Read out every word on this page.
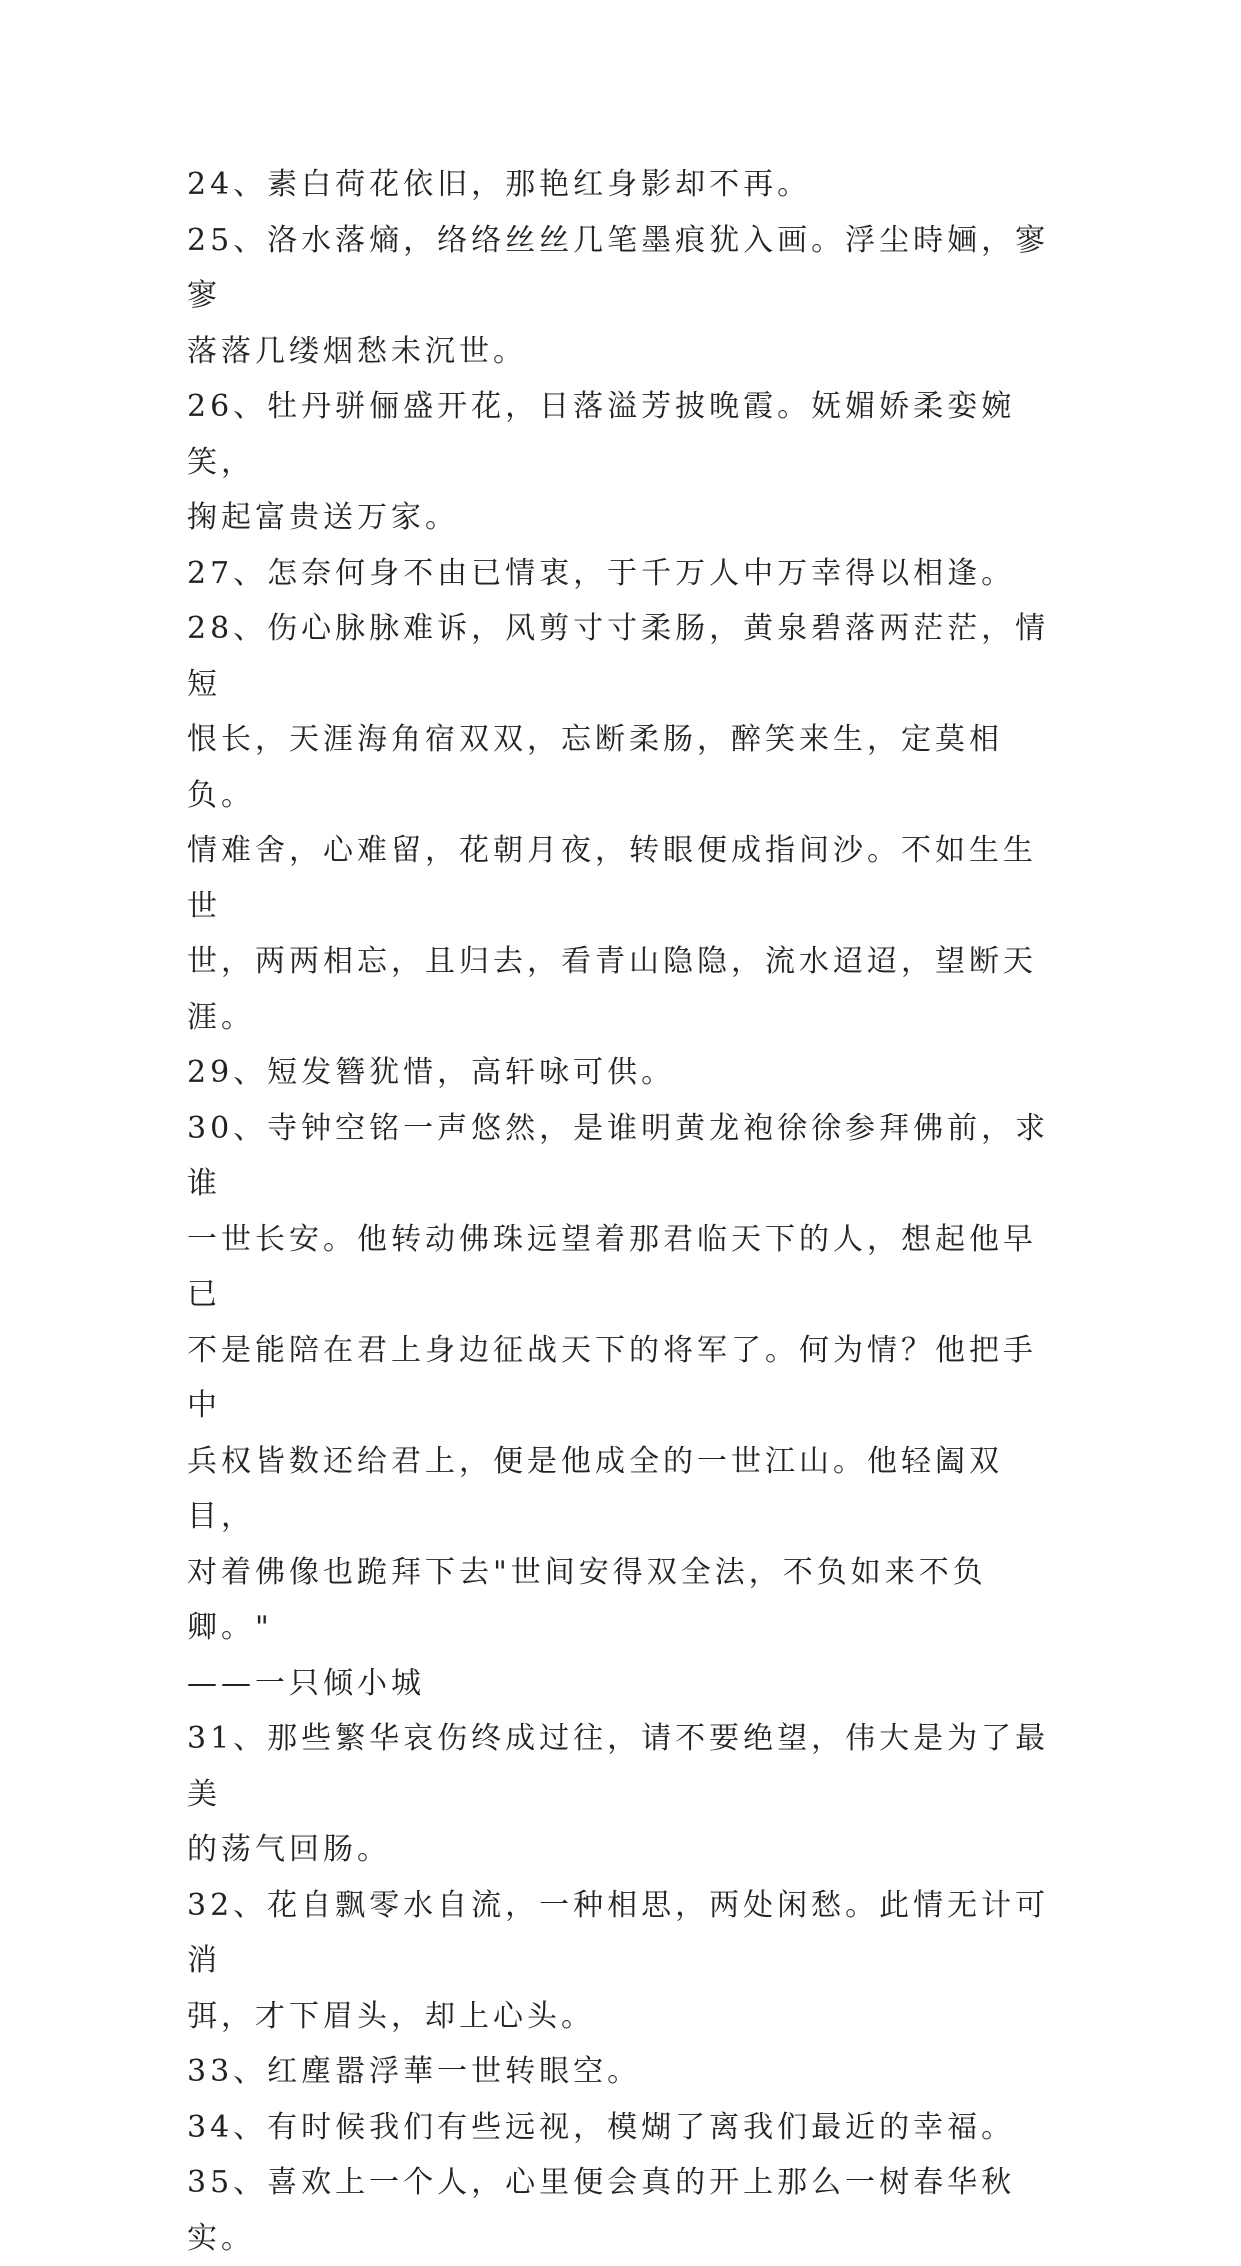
24、素白荷花依旧，那艳红身影却不再。

25、洛水落熵，络络丝丝几笔墨痕犹入画。浮尘時婳，寥寥
落落几缕烟愁未沉世。

26、牡丹骈俪盛开花，日落溢芳披晚霞。妩媚娇柔娈婉笑，
掬起富贵送万家。

27、怎奈何身不由已情衷，于千万人中万幸得以相逢。

28、伤心脉脉难诉，风剪寸寸柔肠，黄泉碧落两茫茫，情短
恨长，天涯海角宿双双，忘断柔肠，醉笑来生，定莫相负。
情难舍，心难留，花朝月夜，转眼便成指间沙。不如生生世
世，两两相忘，且归去，看青山隐隐，流水迢迢，望断天涯。

29、短发簪犹惜，高轩咏可供。

30、寺钟空铭一声悠然，是谁明黄龙袍徐徐参拜佛前，求谁
一世长安。他转动佛珠远望着那君临天下的人，想起他早已
不是能陪在君上身边征战天下的将军了。何为情？他把手中
兵权皆数还给君上，便是他成全的一世江山。他轻阖双目，
对着佛像也跪拜下去"世间安得双全法，不负如来不负卿。"
——一只倾小城

31、那些繁华哀伤终成过往，请不要绝望，伟大是为了最美
的荡气回肠。

32、花自飘零水自流，一种相思，两处闲愁。此情无计可消
弭，才下眉头，却上心头。

33、红塵嚣浮華一世转眼空。

34、有时候我们有些远视，模煳了离我们最近的幸福。

35、喜欢上一个人，心里便会真的开上那么一树春华秋实。
